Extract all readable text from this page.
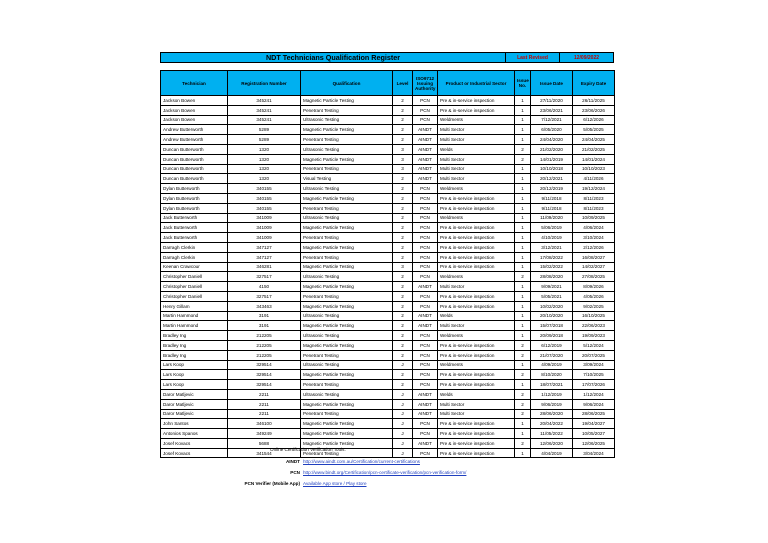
NDT Technicians Qualification Register	Last Revised	12/09/2022
Technician	Registration Number	Qualification	Level	ISO9712 Issuing Authority	Product or Industrial Sector	Issue No.	Issue Date	Expiry Date
Jackson Bowen	345241	Magnetic Particle Testing	2	PCN	Pre & in-service inspection	1	27/11/2020	26/11/2025
Jackson Bowen	345241	Penetrant Testing	2	PCN	Pre & in-service inspection	1	23/06/2021	23/06/2026
Jackson Bowen	345241	Ultrasonic Testing	2	PCN	Weldments	1	7/12/2021	6/12/2026
Andrew Butterworth	5289	Magnetic Particle Testing	2	AINDT	Multi Sector	1	6/05/2020	5/05/2025
Andrew Butterworth	5289	Penetrant Testing	2	AINDT	Multi Sector	1	24/04/2020	24/04/2025
Duncan Butterworth	1320	Ultrasonic Testing	3	AINDT	Welds	2	21/02/2020	21/02/2025
Duncan Butterworth	1320	Magnetic Particle Testing	3	AINDT	Multi Sector	2	14/01/2019	14/01/2024
Duncan Butterworth	1320	Penetrant Testing	3	AINDT	Multi Sector	1	10/10/2018	10/10/2023
Duncan Butterworth	1320	Visual Testing	2	AINDT	Multi Sector	1	20/12/2021	4/11/2026
Dylan Butterworth	340155	Ultrasonic Testing	2	PCN	Weldments	1	20/12/2019	19/12/2024
Dylan Butterworth	340155	Magnetic Particle Testing	2	PCN	Pre & in-service inspection	1	9/11/2018	8/11/2023
Dylan Butterworth	340155	Penetrant Testing	2	PCN	Pre & in-service inspection	1	9/11/2018	8/11/2023
Jack Butterworth	341009	Ultrasonic Testing	2	PCN	Weldments	1	11/09/2020	10/09/2025
Jack Butterworth	341009	Magnetic Particle Testing	2	PCN	Pre & in-service inspection	1	5/06/2019	4/06/2024
Jack Butterworth	341009	Penetrant Testing	2	PCN	Pre & in-service inspection	1	4/10/2019	3/10/2024
Darragh Clerkin	347127	Magnetic Particle Testing	2	PCN	Pre & in-service inspection	1	3/12/2021	2/12/2026
Darragh Clerkin	347127	Penetrant Testing	2	PCN	Pre & in-service inspection	1	17/08/2022	16/08/2027
Keenan Crawcour	346281	Magnetic Particle Testing	3	PCN	Pre & in-service inspection	1	15/02/2022	14/02/2027
Christopher Daniell	327517	Ultrasonic Testing	2	PCN	Weldments	2	28/08/2020	27/08/2025
Christopher Daniell	4150	Magnetic Particle Testing	2	AINDT	Multi Sector	1	9/09/2021	8/09/2026
Christopher Daniell	327517	Penetrant Testing	2	PCN	Pre & in-service inspection	1	5/05/2021	4/05/2026
Henry Gillam	343463	Magnetic Particle Testing	2	PCN	Pre & in-service inspection	1	10/02/2020	9/02/2025
Martin Hammond	3191	Ultrasonic Testing	2	AINDT	Welds	1	20/10/2020	16/10/2025
Martin Hammond	3191	Magnetic Particle Testing	2	AINDT	Multi Sector	1	15/07/2018	22/06/2023
Bradley Ing	212205	Ultrasonic Testing	2	PCN	Weldments	1	20/09/2018	19/09/2023
Bradley Ing	212205	Magnetic Particle Testing	2	PCN	Pre & in-service inspection	2	6/12/2019	5/12/2024
Bradley Ing	212205	Penetrant Testing	2	PCN	Pre & in-service inspection	2	21/07/2020	20/07/2025
Lars Koop	329514	Ultrasonic Testing	J	PCN	Weldments	1	4/09/2019	3/09/2024
Lars Koop	329514	Magnetic Particle Testing	2	PCN	Pre & in-service inspection	2	8/10/2020	7/10/2025
Lars Koop	329514	Penetrant Testing	2	PCN	Pre & in-service inspection	1	18/07/2021	17/07/2026
Daror Matljevic	2211	Ultrasonic Testing	J	AINDT	Welds	2	1/12/2019	1/12/2024
Daror Matljevic	2211	Magnetic Particle Testing	J	AINDT	Multi Sector	2	9/06/2019	9/06/2024
Daror Matljevic	2211	Penetrant Testing	J	AINDT	Multi Sector	2	28/06/2020	28/06/2025
John Santos	346100	Magnetic Particle Testing	J	PCN	Pre & in-service inspection	1	20/04/2022	19/04/2027
Antonios Spanos	349249	Magnetic Particle Testing	J	PCN	Pre & in-service inspection	1	11/05/2022	10/05/2027
Josef Kovacs	5688	Magnetic Particle Testing	J	AINDT	Pre & in-service inspection	2	12/06/2020	12/06/2025
Josef Kovacs	341544	Penetrant Testing	J	PCN	Pre & in-service inspection	1	4/04/2019	3/04/2024
Online Certification Verification Tools:
AINDT http://www.aindt.com.au/Certification/current-certifications
PCN http://www.bindt.org/Certification/pcn-certificate-verification/pcn-verification-form/
PCN Verifier (Mobile App) Available App store / Play store
